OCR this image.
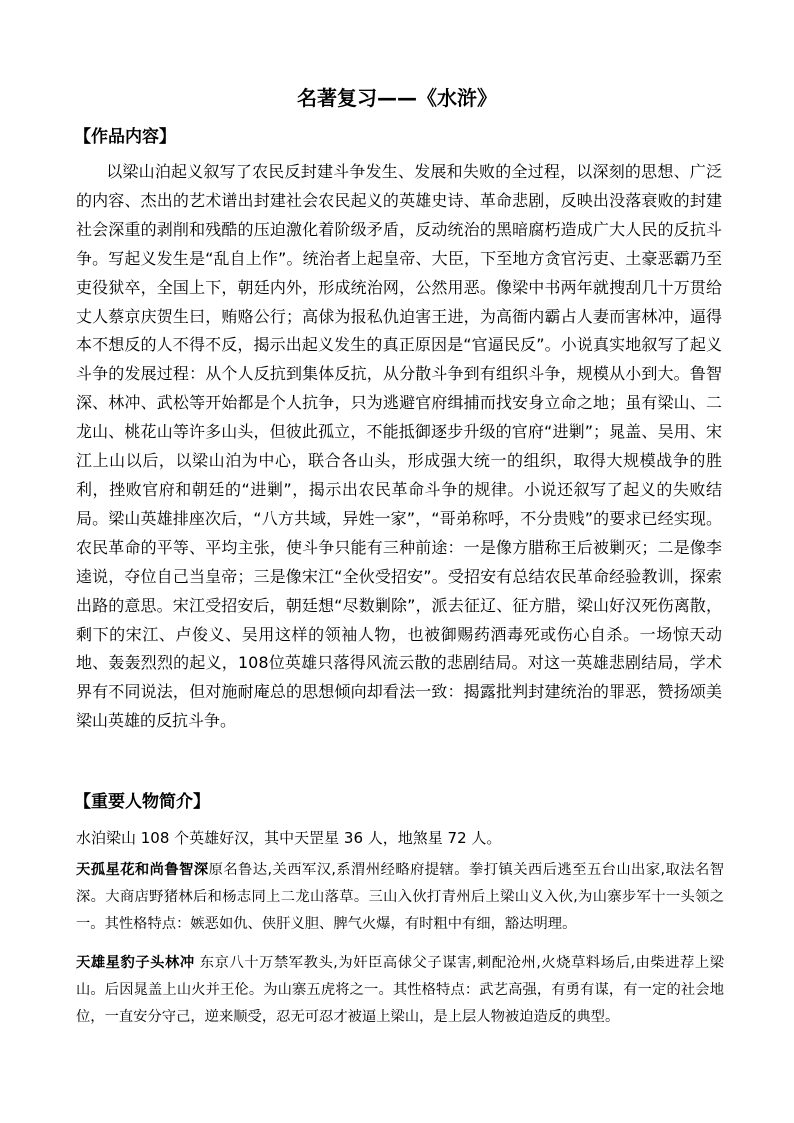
名著复习——《水浒》
【作品内容】
以梁山泊起义叙写了农民反封建斗争发生、发展和失败的全过程，以深刻的思想、广泛的内容、杰出的艺术谱出封建社会农民起义的英雄史诗、革命悲剧，反映出没落衰败的封建社会深重的剥削和残酷的压迫激化着阶级矛盾，反动统治的黑暗腐朽造成广大人民的反抗斗争。写起义发生是“乱自上作”。统治者上起皇帝、大臣，下至地方贪官污吏、土豪恶霸乃至吏役狱卒，全国上下，朝廷内外，形成统治网，公然用恶。像梁中书两年就搜刮几十万贯给丈人蔡京庆贺生曰，贿赂公行；高俅为报私仇迫害王进，为高衙内霸占人妻而害林冲，逼得本不想反的人不得不反，揭示出起义发生的真正原因是“官逼民反”。小说真实地叙写了起义斗争的发展过程：从个人反抗到集体反抗，从分散斗争到有组织斗争，规模从小到大。鲁智深、林冲、武松等开始都是个人抗争，只为逃避官府缉捕而找安身立命之地；虽有梁山、二龙山、桃花山等许多山头，但彼此孤立，不能抵御逐步升级的官府“进剿”；晁盖、吴用、宋江上山以后，以梁山泊为中心，联合各山头，形成强大统一的组织，取得大规模战争的胜利，挫败官府和朝廷的“进剿”，揭示出农民革命斗争的规律。小说还叙写了起义的失败结局。梁山英雄排座次后，“八方共域，异姓一家”，“哥弟称呼，不分贵贱”的要求已经实现。农民革命的平等、平均主张，使斗争只能有三种前途：一是像方腊称王后被剿灭；二是像李逵说，夺位自己当皇帝；三是像宋江“全伙受招安”。受招安有总结农民革命经验教训，探索出路的意思。宋江受招安后，朝廷想“尽数剿除”，派去征辽、征方腊，梁山好汉死伤离散，剩下的宋江、卢俊义、吴用这样的领袖人物，也被御赐药酒毒死或伤心自杀。一场惊天动地、轰轰烈烈的起义，108位英雄只落得风流云散的悲剧结局。对这一英雄悲剧结局，学术界有不同说法，但对施耐庵总的思想倾向却看法一致：揭露批判封建统治的罪恶，赞扬颂美梁山英雄的反抗斗争。
【重要人物简介】
水泊梁山 108 个英雄好汉，其中天罡星 36 人，地煞星 72 人。
天孤星花和尚鲁智深原名鲁达,关西军汉,系渭州经略府提辖。拳打镇关西后逃至五台山出家,取法名智深。大商店野猪林后和杨志同上二龙山落草。三山入伙打青州后上梁山义入伙,为山寨步军十一头领之一。其性格特点：嫉恶如仇、侠肝义胆、脾气火爆，有时粗中有细，豁达明理。
天雄星豹子头林冲 东京八十万禁军教头,为奸臣高俅父子谋害,刺配沧州,火烧草料场后,由柴进荐上梁山。后因晁盖上山火并王伦。为山寨五虎将之一。其性格特点：武艺高强，有勇有谋，有一定的社会地位，一直安分守己，逆来顺受，忍无可忍才被逼上梁山，是上层人物被迫造反的典型。
